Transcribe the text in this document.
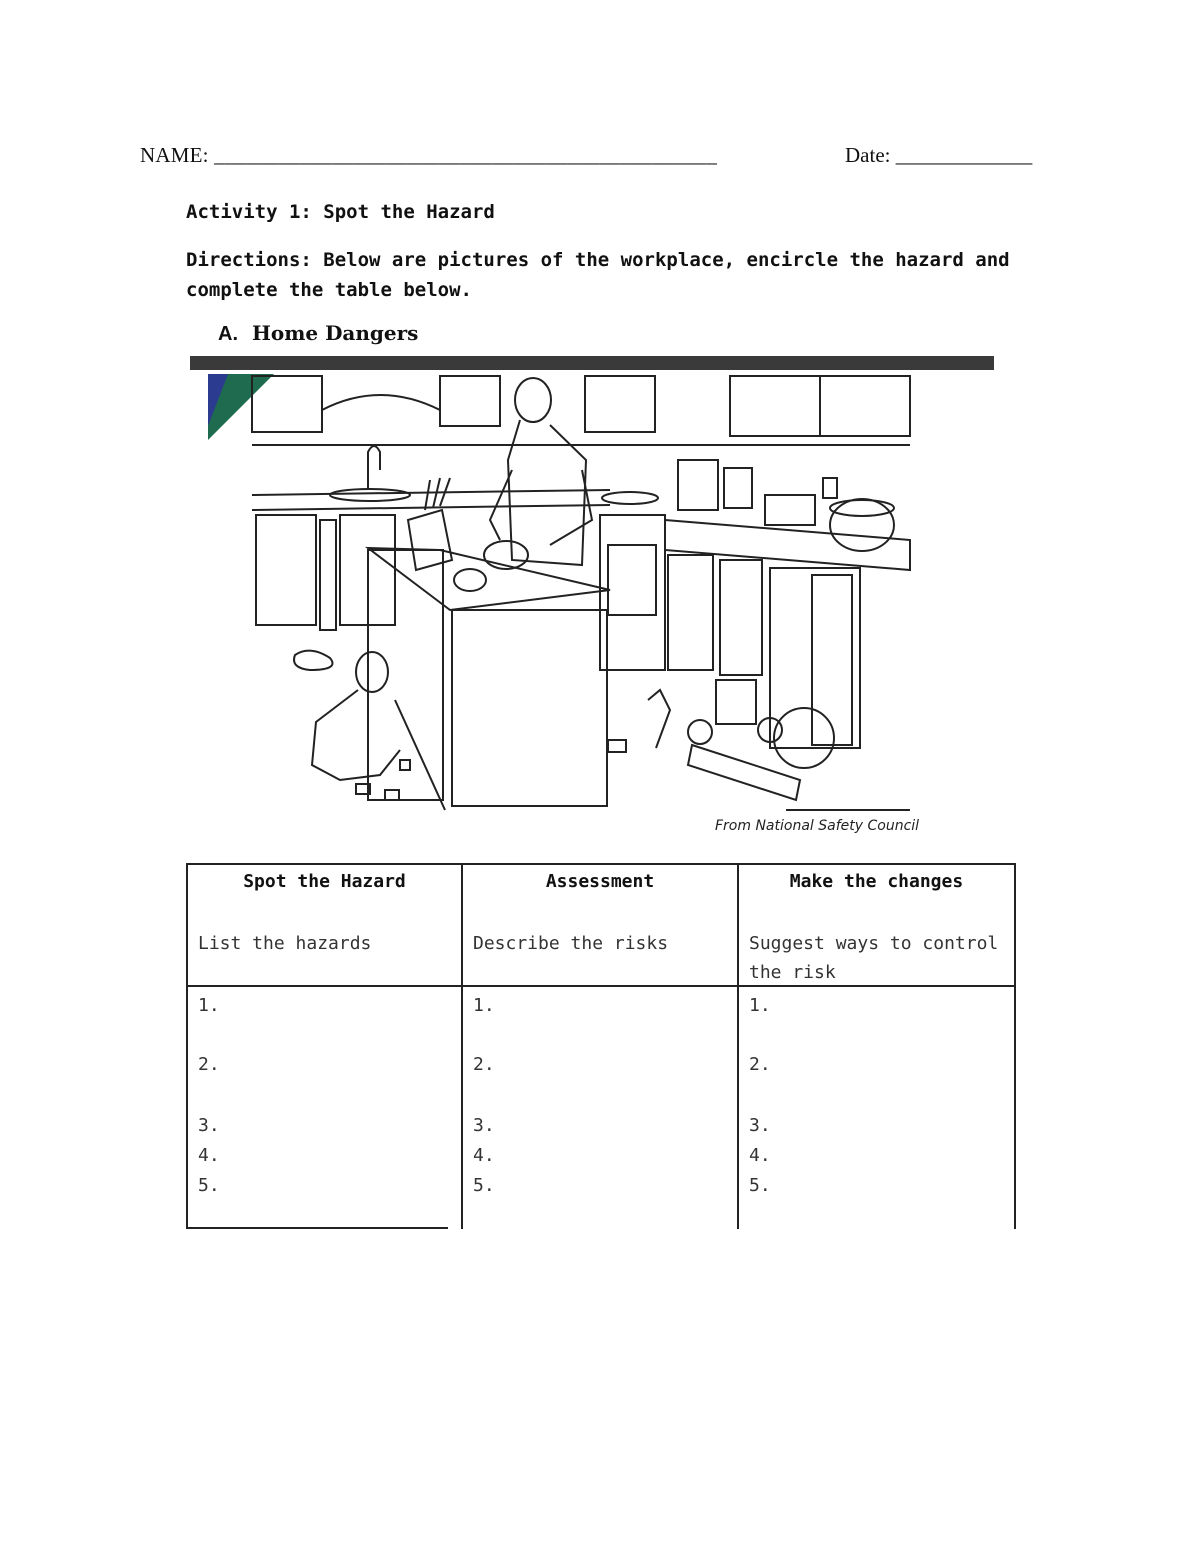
NAME: _______________________________________________	Date: _____________
Activity 1: Spot the Hazard
Directions: Below are pictures of the workplace, encircle the hazard and complete the table below.
A. Home Dangers
From National Safety Council
Spot the Hazard
List the hazards
1.
2.
3.
4.
5.
Assessment
Describe the risks
1.
2.
3.
4.
5.
Make the changes
Suggest ways to control the risk
1.
2.
3.
4.
5.
